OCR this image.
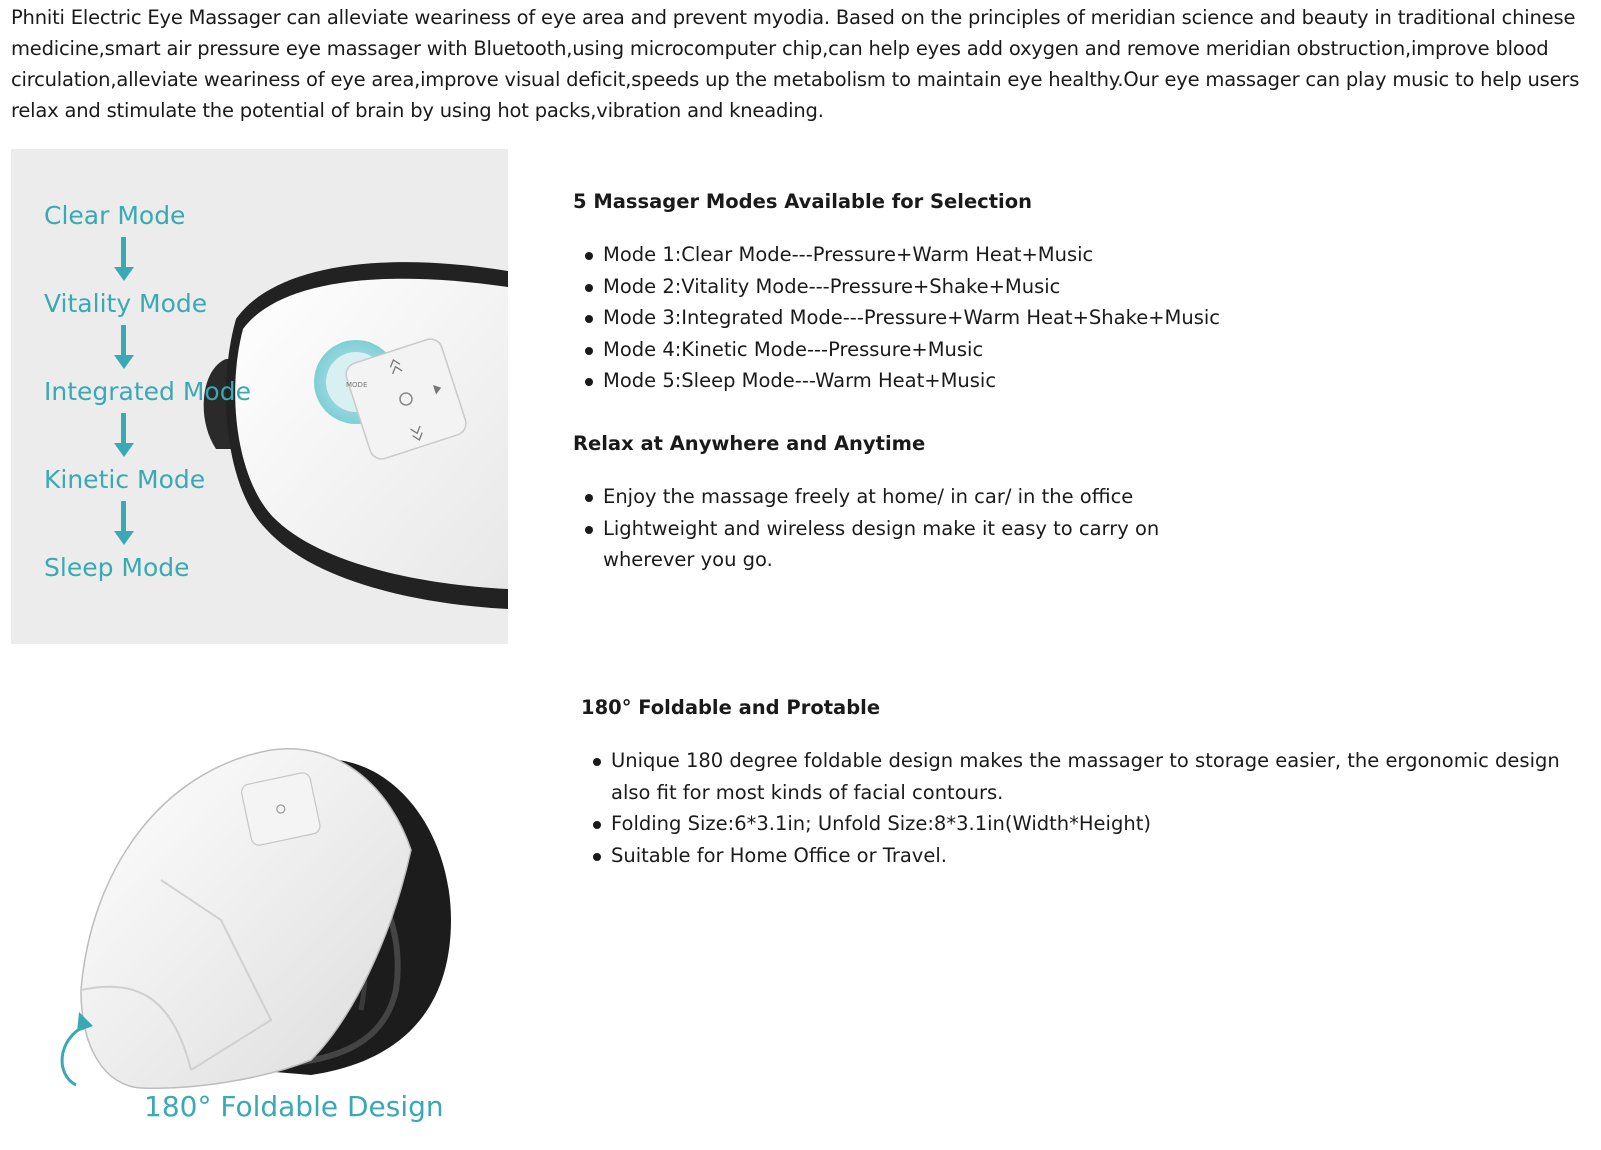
Phniti Electric Eye Massager can alleviate weariness of eye area and prevent myodia. Based on the principles of meridian science and beauty in traditional chinese medicine,smart air pressure eye massager with Bluetooth,using microcomputer chip,can help eyes add oxygen and remove meridian obstruction,improve blood circulation,alleviate weariness of eye area,improve visual deficit,speeds up the metabolism to maintain eye healthy.Our eye massager can play music to help users relax and stimulate the potential of brain by using hot packs,vibration and kneading.

MODE
Clear Mode
Vitality Mode
Integrated Mode
Kinetic Mode
Sleep Mode
180° Foldable Design
5 Massager Modes Available for Selection
Mode 1:Clear Mode---Pressure+Warm Heat+Music
Mode 2:Vitality Mode---Pressure+Shake+Music
Mode 3:Integrated Mode---Pressure+Warm Heat+Shake+Music
Mode 4:Kinetic Mode---Pressure+Music
Mode 5:Sleep Mode---Warm Heat+Music
Relax at Anywhere and Anytime
Enjoy the massage freely at home/ in car/ in the office
Lightweight and wireless design make it easy to carry on wherever you go.
180° Foldable and Protable
Unique 180 degree foldable design makes the massager to storage easier, the ergonomic design also fit for most kinds of facial contours.
Folding Size:6*3.1in; Unfold Size:8*3.1in(Width*Height)
Suitable for Home Office or Travel.
